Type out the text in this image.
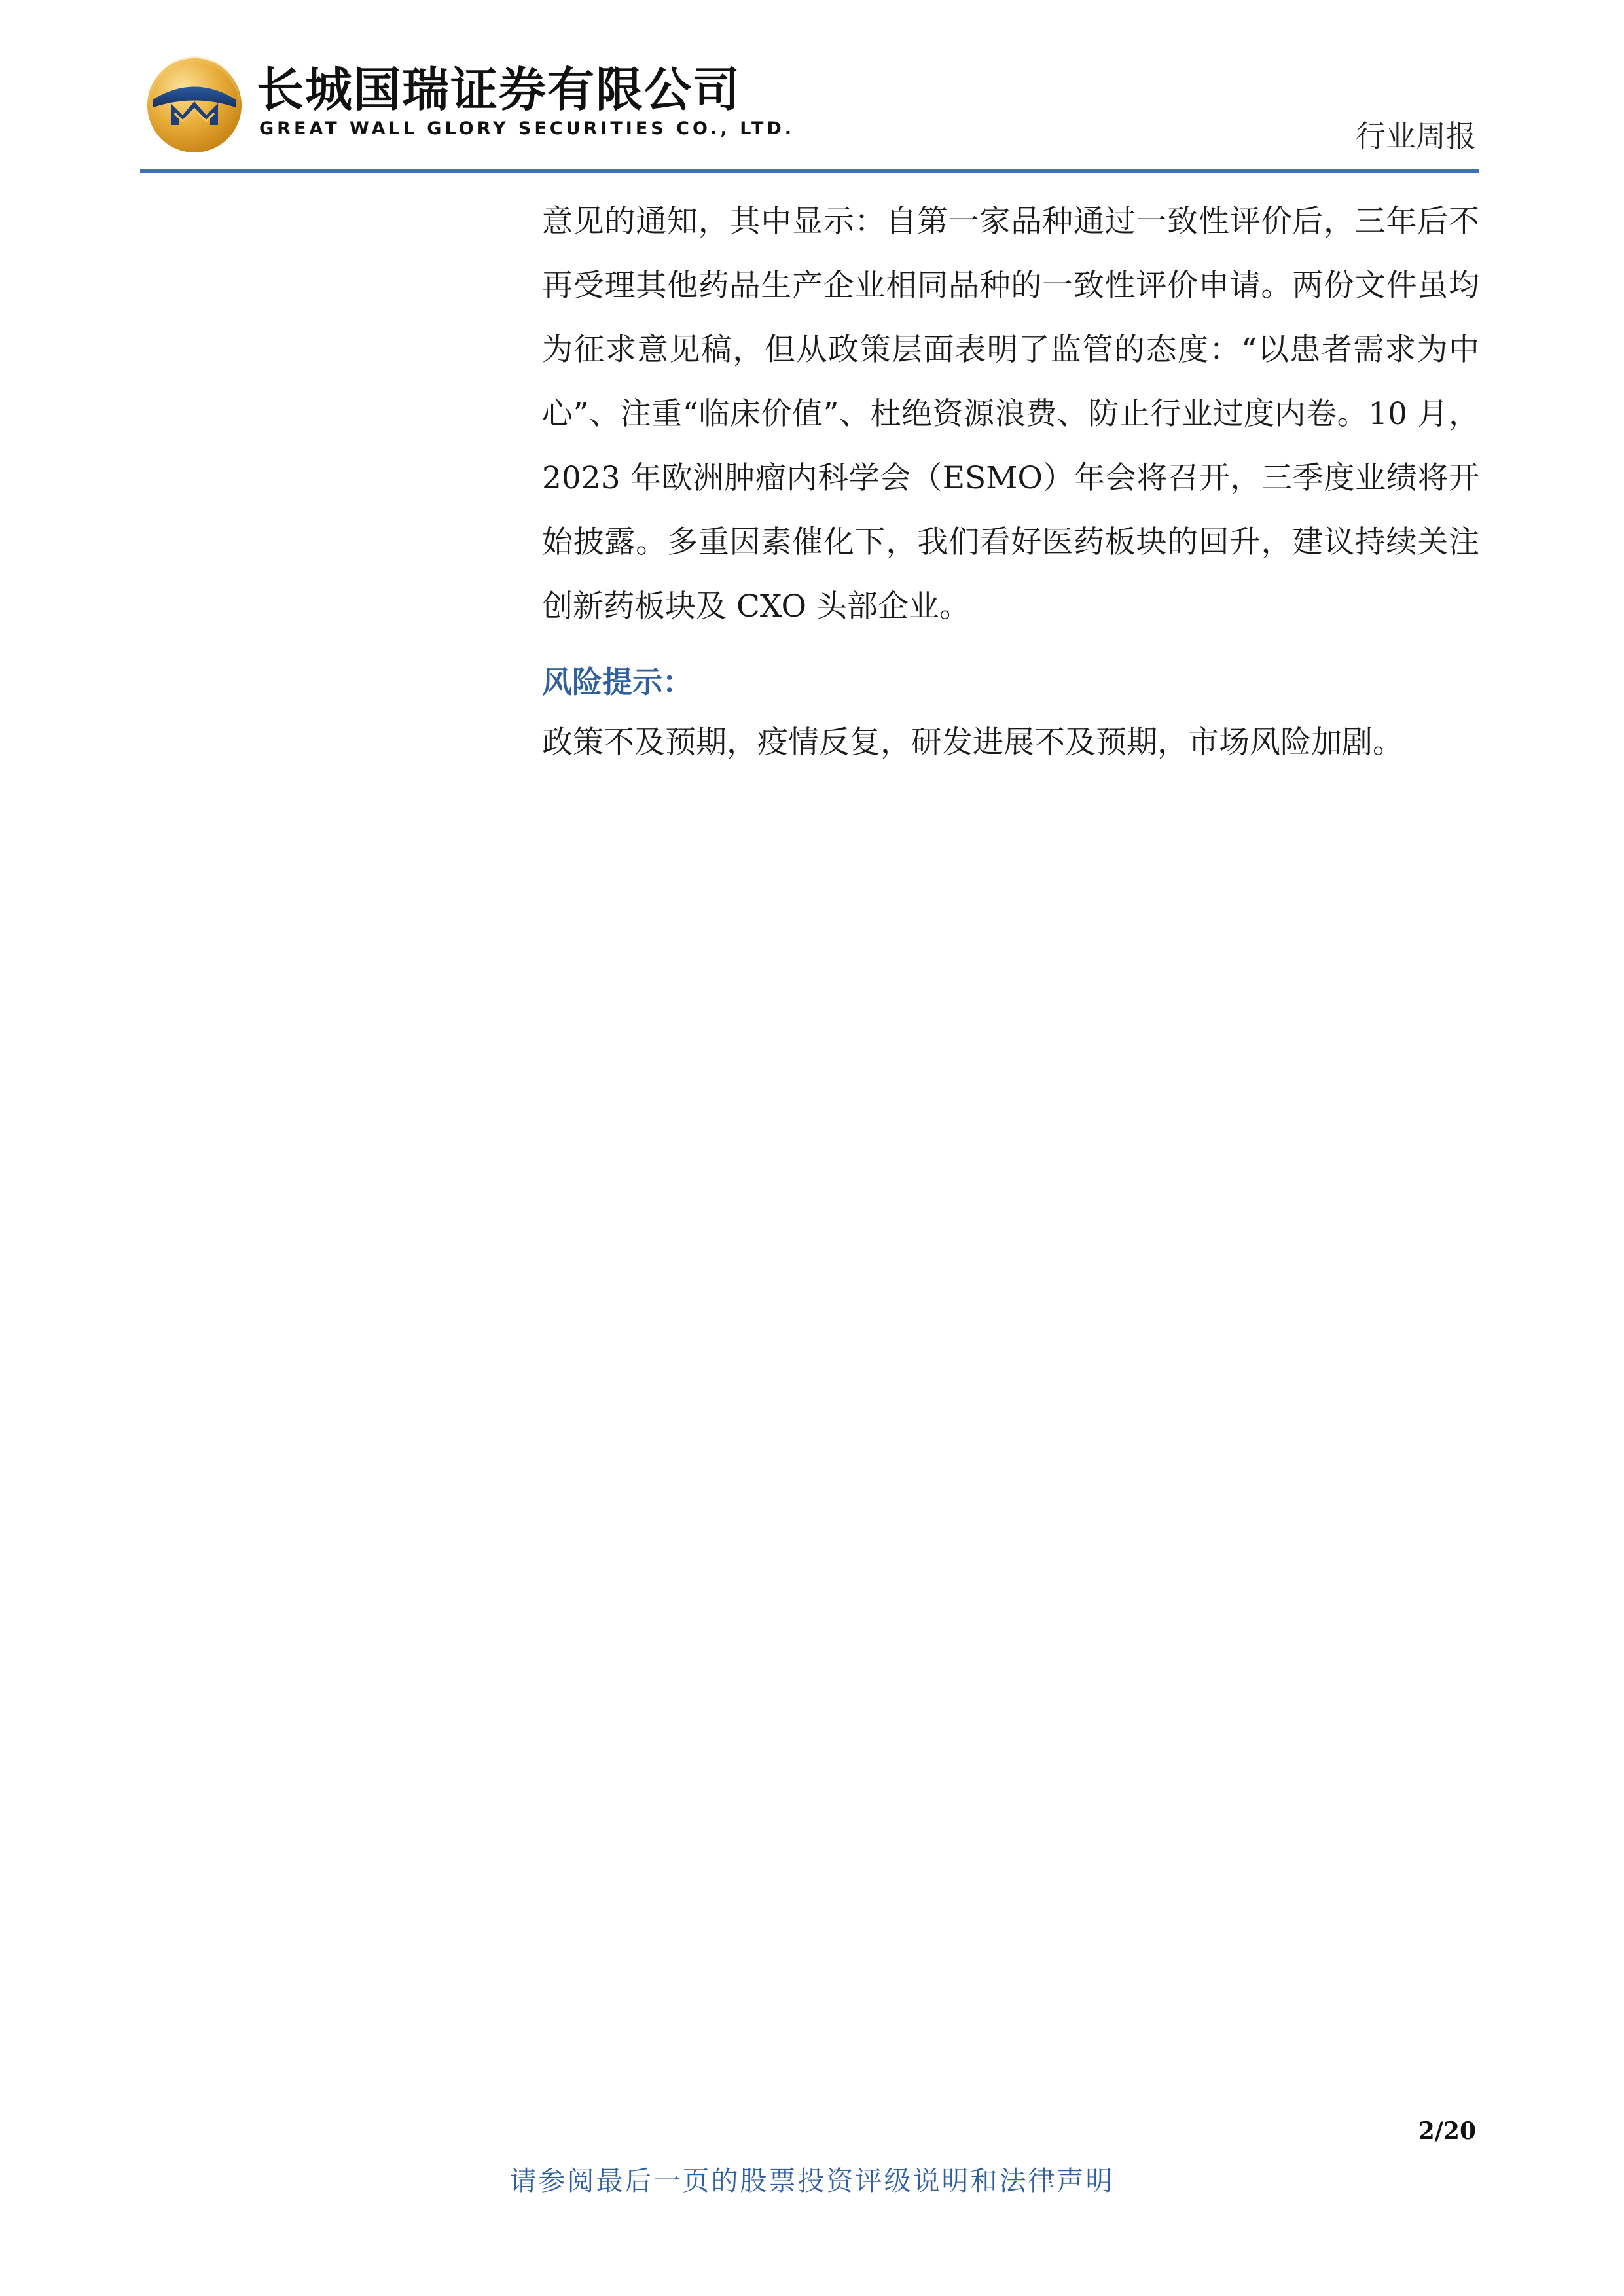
长城国瑞证券有限公司
GREAT WALL GLORY SECURITIES CO., LTD.	行业周报

意见的通知，其中显示：自第一家品种通过一致性评价后，三年后不再受理其他药品生产企业相同品种的一致性评价申请。两份文件虽均为征求意见稿，但从政策层面表明了监管的态度：“以患者需求为中心”、注重“临床价值”、杜绝资源浪费、防止行业过度内卷。10 月，2023 年欧洲肿瘤内科学会（ESMO）年会将召开，三季度业绩将开始披露。多重因素催化下，我们看好医药板块的回升，建议持续关注创新药板块及 CXO 头部企业。

风险提示：

政策不及预期，疫情反复，研发进展不及预期，市场风险加剧。

2/20
请参阅最后一页的股票投资评级说明和法律声明
